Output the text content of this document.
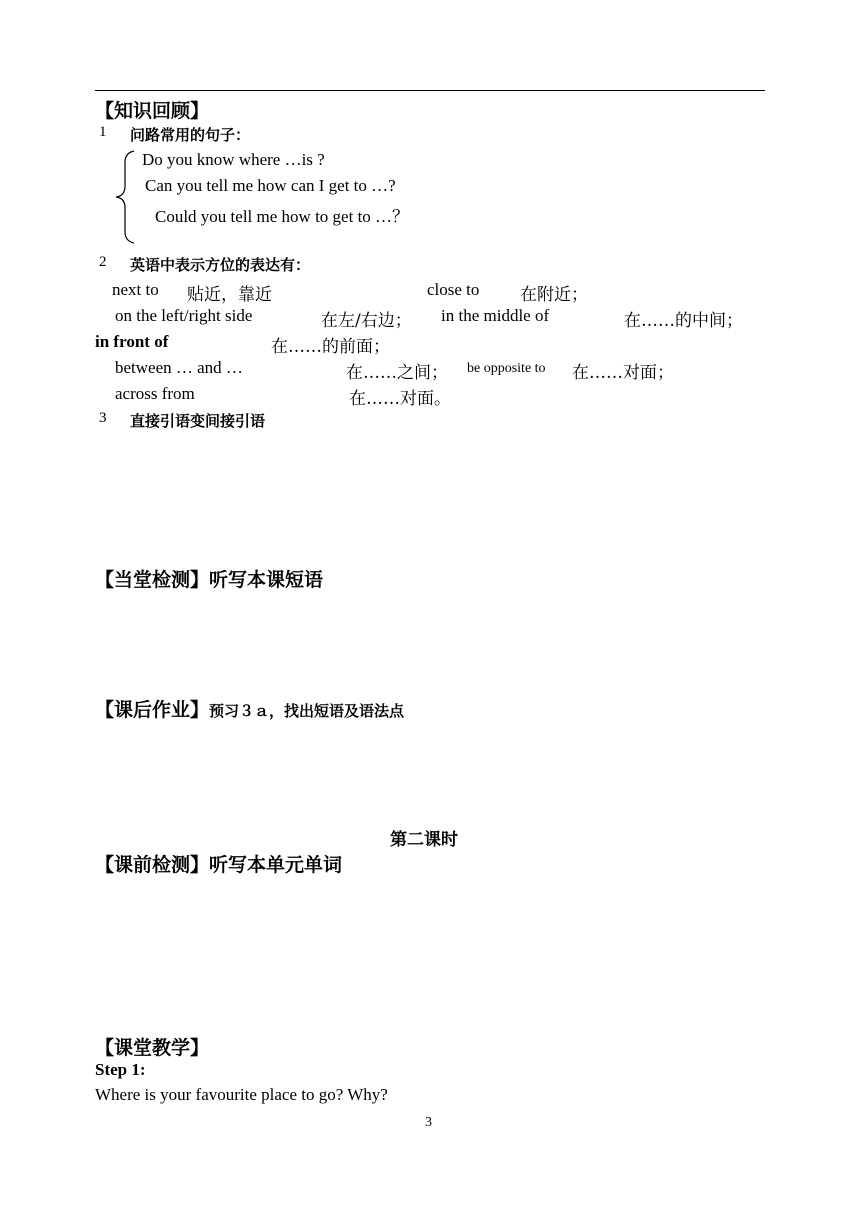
【知识回顾】
1 问路常用的句子：
Do you know where …is ?
Can you tell me how can I get to …?
Could you tell me how to get to …？
2 英语中表示方位的表达有：
next to 贴近，靠近	close to 在附近；
on the left/right side	在左/右边； in the middle of	在……的中间；
in front of	在……的前面；
between … and …	在……之间； be opposite to 在……对面；
across from	在……对面。
3 直接引语变间接引语
【当堂检测】听写本课短语
【课后作业】预习３ａ，找出短语及语法点
第二课时
【课前检测】听写本单元单词
【课堂教学】
Step 1:
Where is your favourite place to go? Why?
3
